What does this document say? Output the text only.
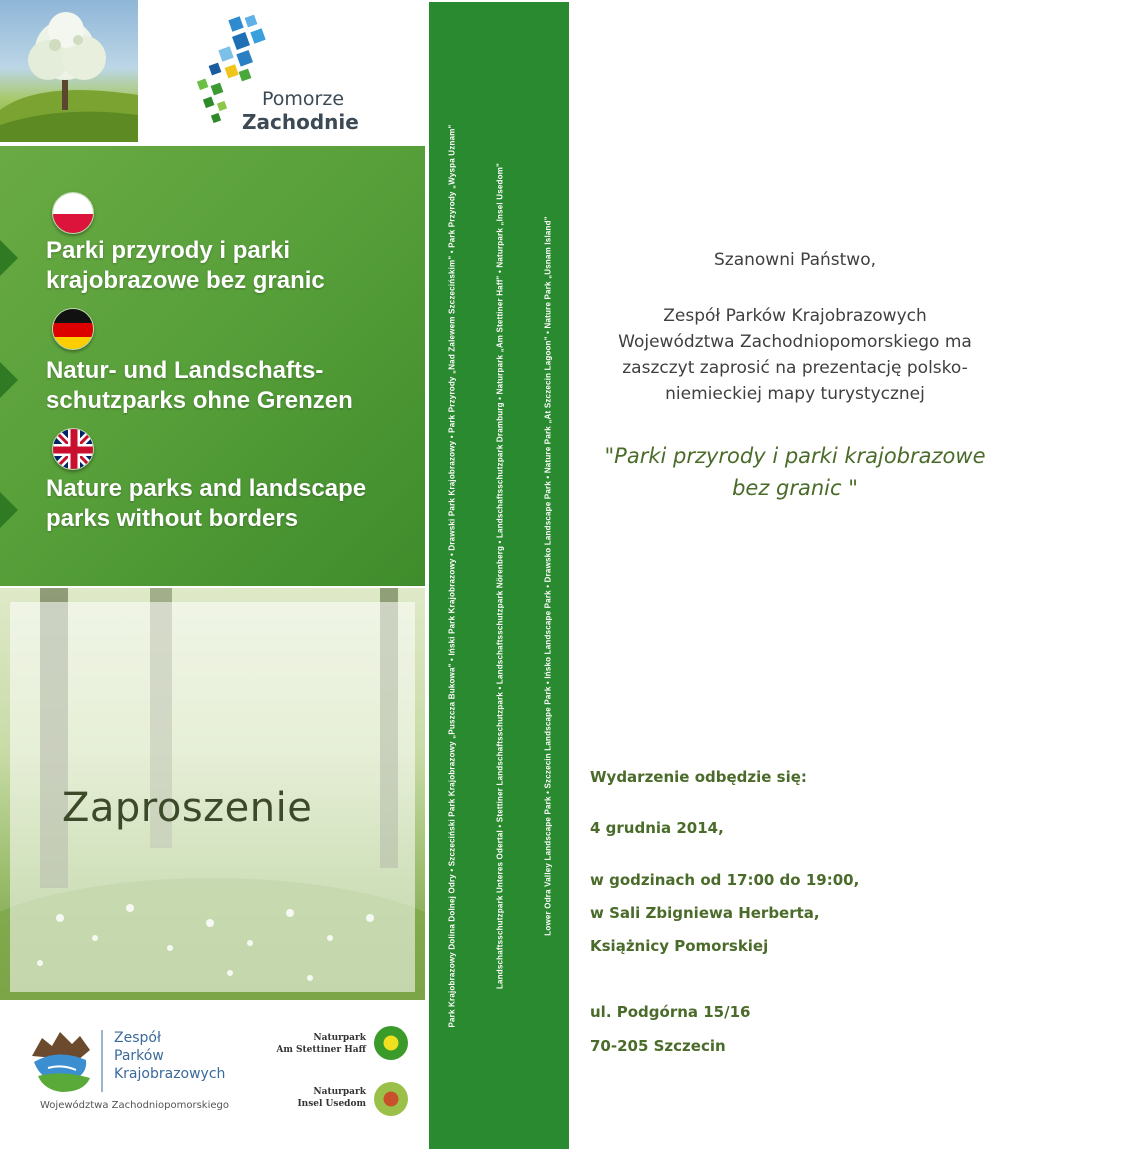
Pomorze
Zachodnie
Parki przyrody i parki
krajobrazowe bez granic
Natur- und Landschafts-
schutzparks ohne Grenzen
Nature parks and landscape
parks without borders
Zaproszenie
Zespół
Parków
Krajobrazowych
Województwa Zachodniopomorskiego
Naturpark
Am Stettiner Haff
Naturpark
Insel Usedom
Park Krajobrazowy Dolina Dolnej Odry • Szczeciński Park Krajobrazowy „Puszcza Bukowa" • Iński Park Krajobrazowy • Drawski Park Krajobrazowy • Park Przyrody „Nad Zalewem Szczecińskim" • Park Przyrody „Wyspa Uznam"	Landschaftsschutzpark Unteres Odertal • Stettiner Landschaftsschutzpark • Landschaftsschutzpark Nörenberg • Landschaftsschutzpark Dramburg • Naturpark „Am Stettiner Haff" • Naturpark „Insel Usedom"	Lower Odra Valley Landscape Park • Szczecin Landscape Park • Ińsko Landscape Park • Drawsko Landscape Park • Nature Park „At Szczecin Lagoon" • Nature Park „Usnam Island"	Szanowni Państwo,
Zespół Parków Krajobrazowych
Województwa Zachodniopomorskiego ma
zaszczyt zaprosić na prezentację polsko-
niemieckiej mapy turystycznej
"Parki przyrody i parki krajobrazowe
bez granic "
Wydarzenie odbędzie się:
4 grudnia 2014,
w godzinach od 17:00 do 19:00,
w Sali Zbigniewa Herberta,
Książnicy Pomorskiej
ul. Podgórna 15/16
70-205 Szczecin
